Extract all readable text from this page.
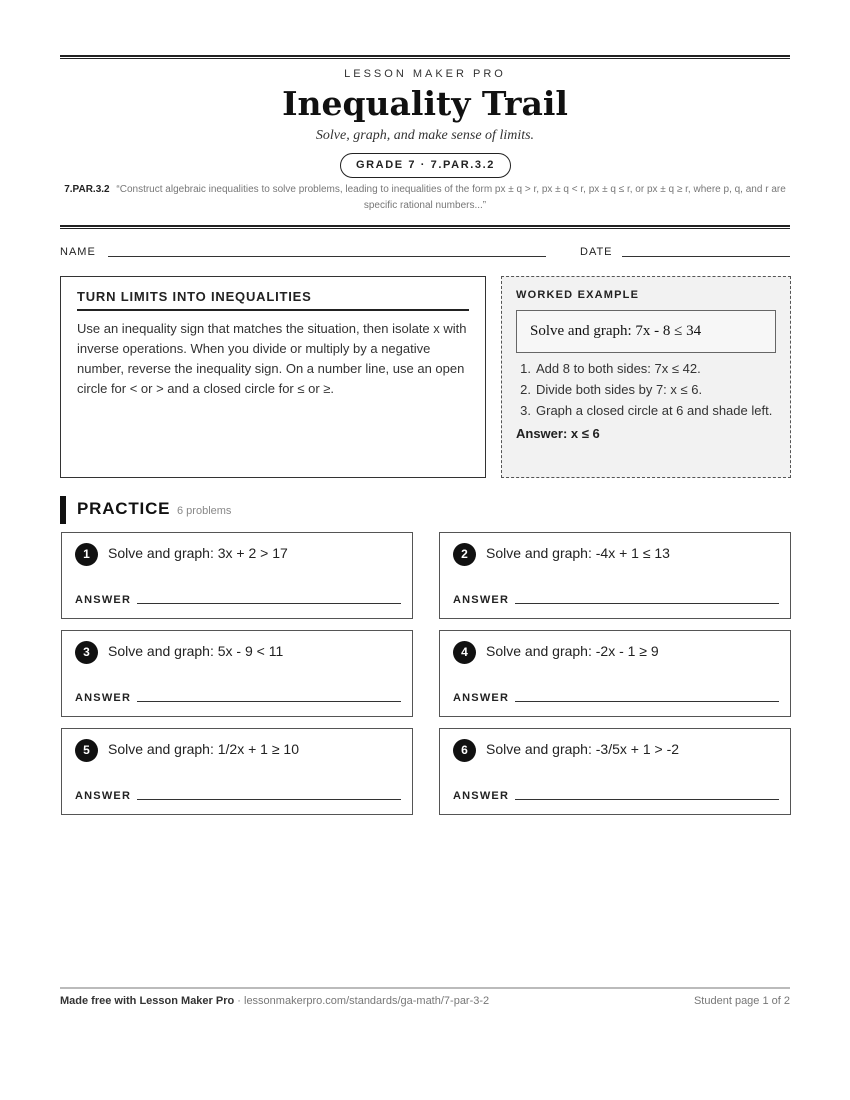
LESSON MAKER PRO
Inequality Trail
Solve, graph, and make sense of limits.
GRADE 7 · 7.PAR.3.2
7.PAR.3.2 “Construct algebraic inequalities to solve problems, leading to inequalities of the form px ± q > r, px ± q < r, px ± q ≤ r, or px ± q ≥ r, where p, q, and r are specific rational numbers...”
NAME	DATE
TURN LIMITS INTO INEQUALITIES
Use an inequality sign that matches the situation, then isolate x with inverse operations. When you divide or multiply by a negative number, reverse the inequality sign. On a number line, use an open circle for < or > and a closed circle for ≤ or ≥.
WORKED EXAMPLE
Solve and graph: 7x - 8 ≤ 34
1. Add 8 to both sides: 7x ≤ 42.
2. Divide both sides by 7: x ≤ 6.
3. Graph a closed circle at 6 and shade left.
Answer: x ≤ 6
PRACTICE 6 problems
1	Solve and graph: 3x + 2 > 17
ANSWER
2	Solve and graph: -4x + 1 ≤ 13
ANSWER
3	Solve and graph: 5x - 9 < 11
ANSWER
4	Solve and graph: -2x - 1 ≥ 9
ANSWER
5	Solve and graph: 1/2x + 1 ≥ 10
ANSWER
6	Solve and graph: -3/5x + 1 > -2
ANSWER
Made free with Lesson Maker Pro · lessonmakerpro.com/standards/ga-math/7-par-3-2	Student page 1 of 2
